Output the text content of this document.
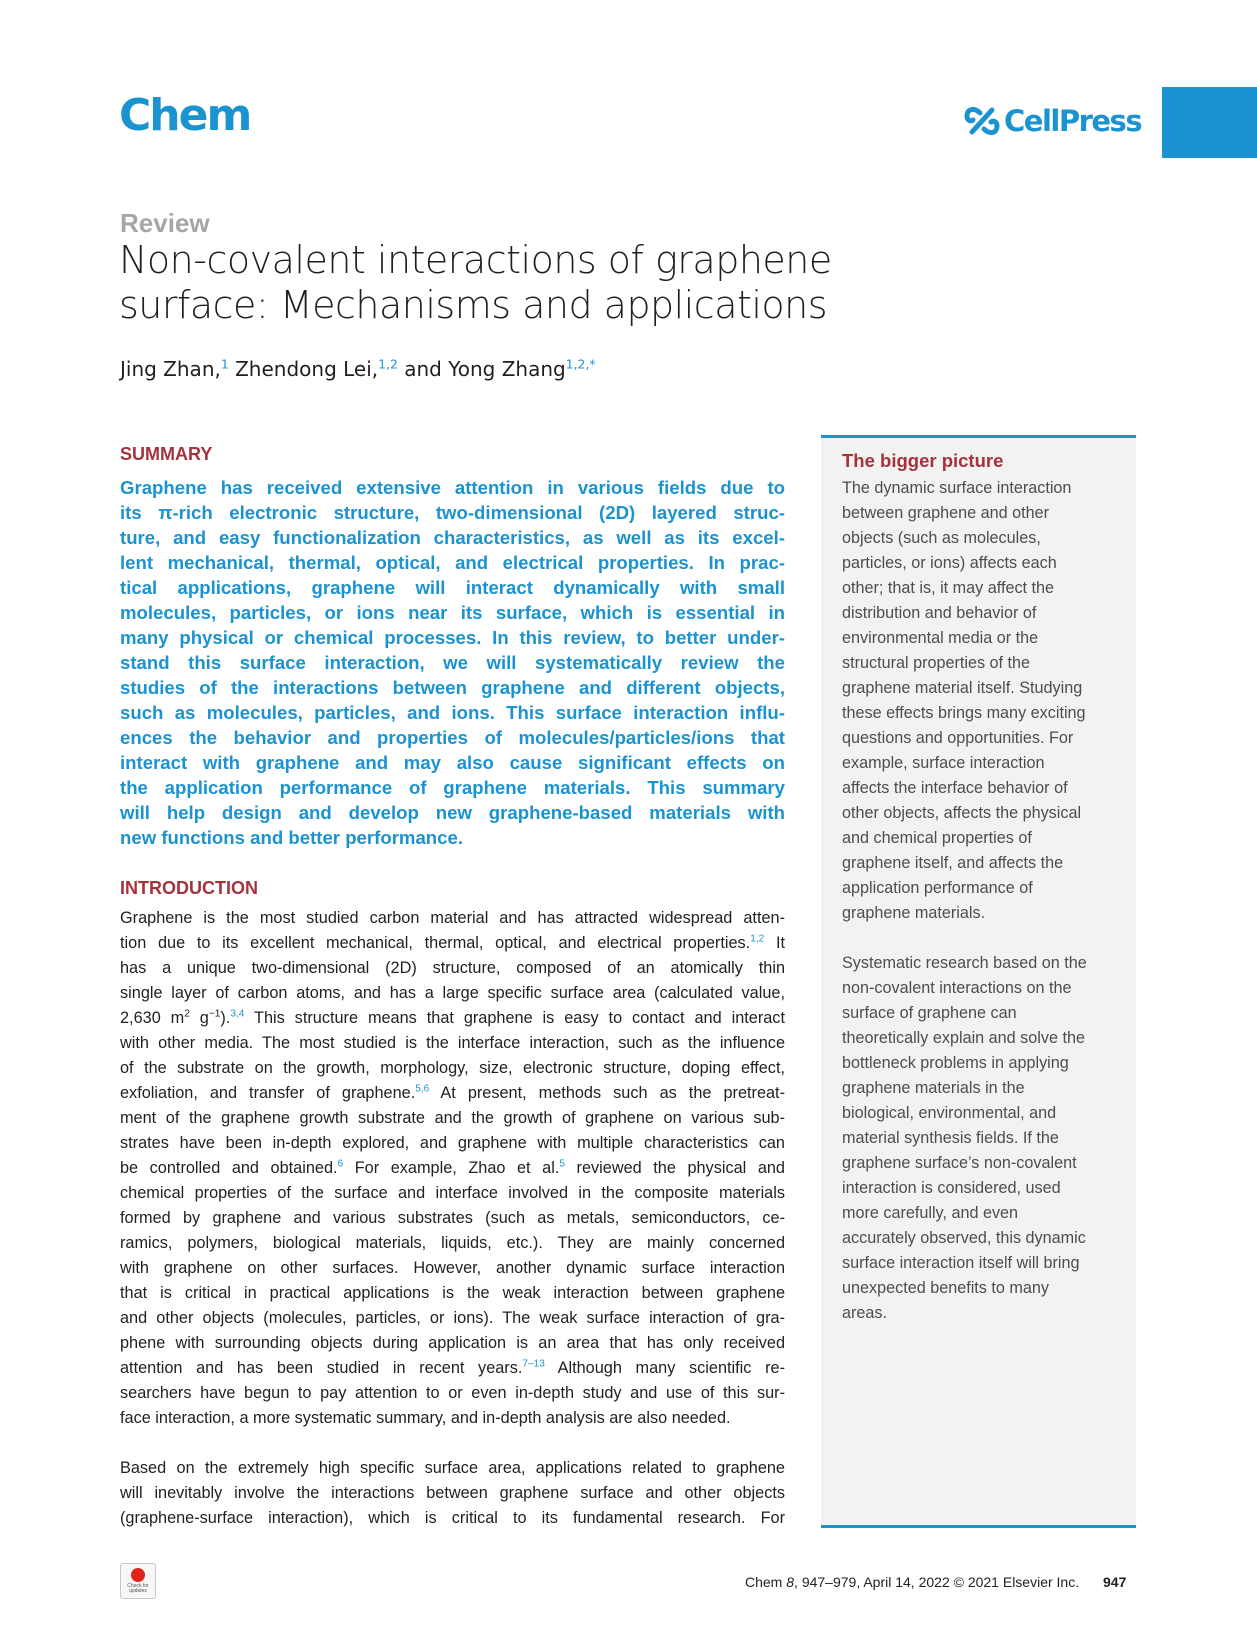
Chem	CellPress
Review
Non-covalent interactions of graphene
surface: Mechanisms and applications
Jing Zhan,$^1$ Zhendong Lei,$^{1,2}$ and Yong Zhang$^{1,2,*}$
SUMMARY
Graphene has received extensive attention in various fields due to
its π-rich electronic structure, two-dimensional (2D) layered struc-
ture, and easy functionalization characteristics, as well as its excel-
lent mechanical, thermal, optical, and electrical properties. In prac-
tical applications, graphene will interact dynamically with small
molecules, particles, or ions near its surface, which is essential in
many physical or chemical processes. In this review, to better under-
stand this surface interaction, we will systematically review the
studies of the interactions between graphene and different objects,
such as molecules, particles, and ions. This surface interaction influ-
ences the behavior and properties of molecules/particles/ions that
interact with graphene and may also cause significant effects on
the application performance of graphene materials. This summary
will help design and develop new graphene-based materials with
new functions and better performance.
INTRODUCTION
Graphene is the most studied carbon material and has attracted widespread atten-
tion due to its excellent mechanical, thermal, optical, and electrical properties.$^{1,2}$ It
has a unique two-dimensional (2D) structure, composed of an atomically thin
single layer of carbon atoms, and has a large specific surface area (calculated value,
2,630 $m^2$ $g^{-1}).^{3,4}$ This structure means that graphene is easy to contact and interact
with other media. The most studied is the interface interaction, such as the influence
of the substrate on the growth, morphology, size, electronic structure, doping effect,
exfoliation, and transfer of graphene.$^{5,6}$ At present, methods such as the pretreat-
ment of the graphene growth substrate and the growth of graphene on various sub-
strates have been in-depth explored, and graphene with multiple characteristics can
be controlled and obtained.$^6$ For example, Zhao et al.$^5$ reviewed the physical and
chemical properties of the surface and interface involved in the composite materials
formed by graphene and various substrates (such as metals, semiconductors, ce-
ramics, polymers, biological materials, liquids, etc.). They are mainly concerned
with graphene on other surfaces. However, another dynamic surface interaction
that is critical in practical applications is the weak interaction between graphene
and other objects (molecules, particles, or ions). The weak surface interaction of gra-
phene with surrounding objects during application is an area that has only received
attention and has been studied in recent years.$^{7-13}$ Although many scientific re-
searchers have begun to pay attention to or even in-depth study and use of this sur-
face interaction, a more systematic summary, and in-depth analysis are also needed.
Based on the extremely high specific surface area, applications related to graphene
will inevitably involve the interactions between graphene surface and other objects
(graphene-surface interaction), which is critical to its fundamental research. For
The bigger picture
The dynamic surface interaction
between graphene and other
objects (such as molecules,
particles, or ions) affects each
other; that is, it may affect the
distribution and behavior of
environmental media or the
structural properties of the
graphene material itself. Studying
these effects brings many exciting
questions and opportunities. For
example, surface interaction
affects the interface behavior of
other objects, affects the physical
and chemical properties of
graphene itself, and affects the
application performance of
graphene materials.
Systematic research based on the
non-covalent interactions on the
surface of graphene can
theoretically explain and solve the
bottleneck problems in applying
graphene materials in the
biological, environmental, and
material synthesis fields. If the
graphene surface’s non-covalent
interaction is considered, used
more carefully, and even
accurately observed, this dynamic
surface interaction itself will bring
unexpected benefits to many
areas.
Check for updates
Chem 8, 947–979, April 14, 2022 © 2021 Elsevier Inc. 947
